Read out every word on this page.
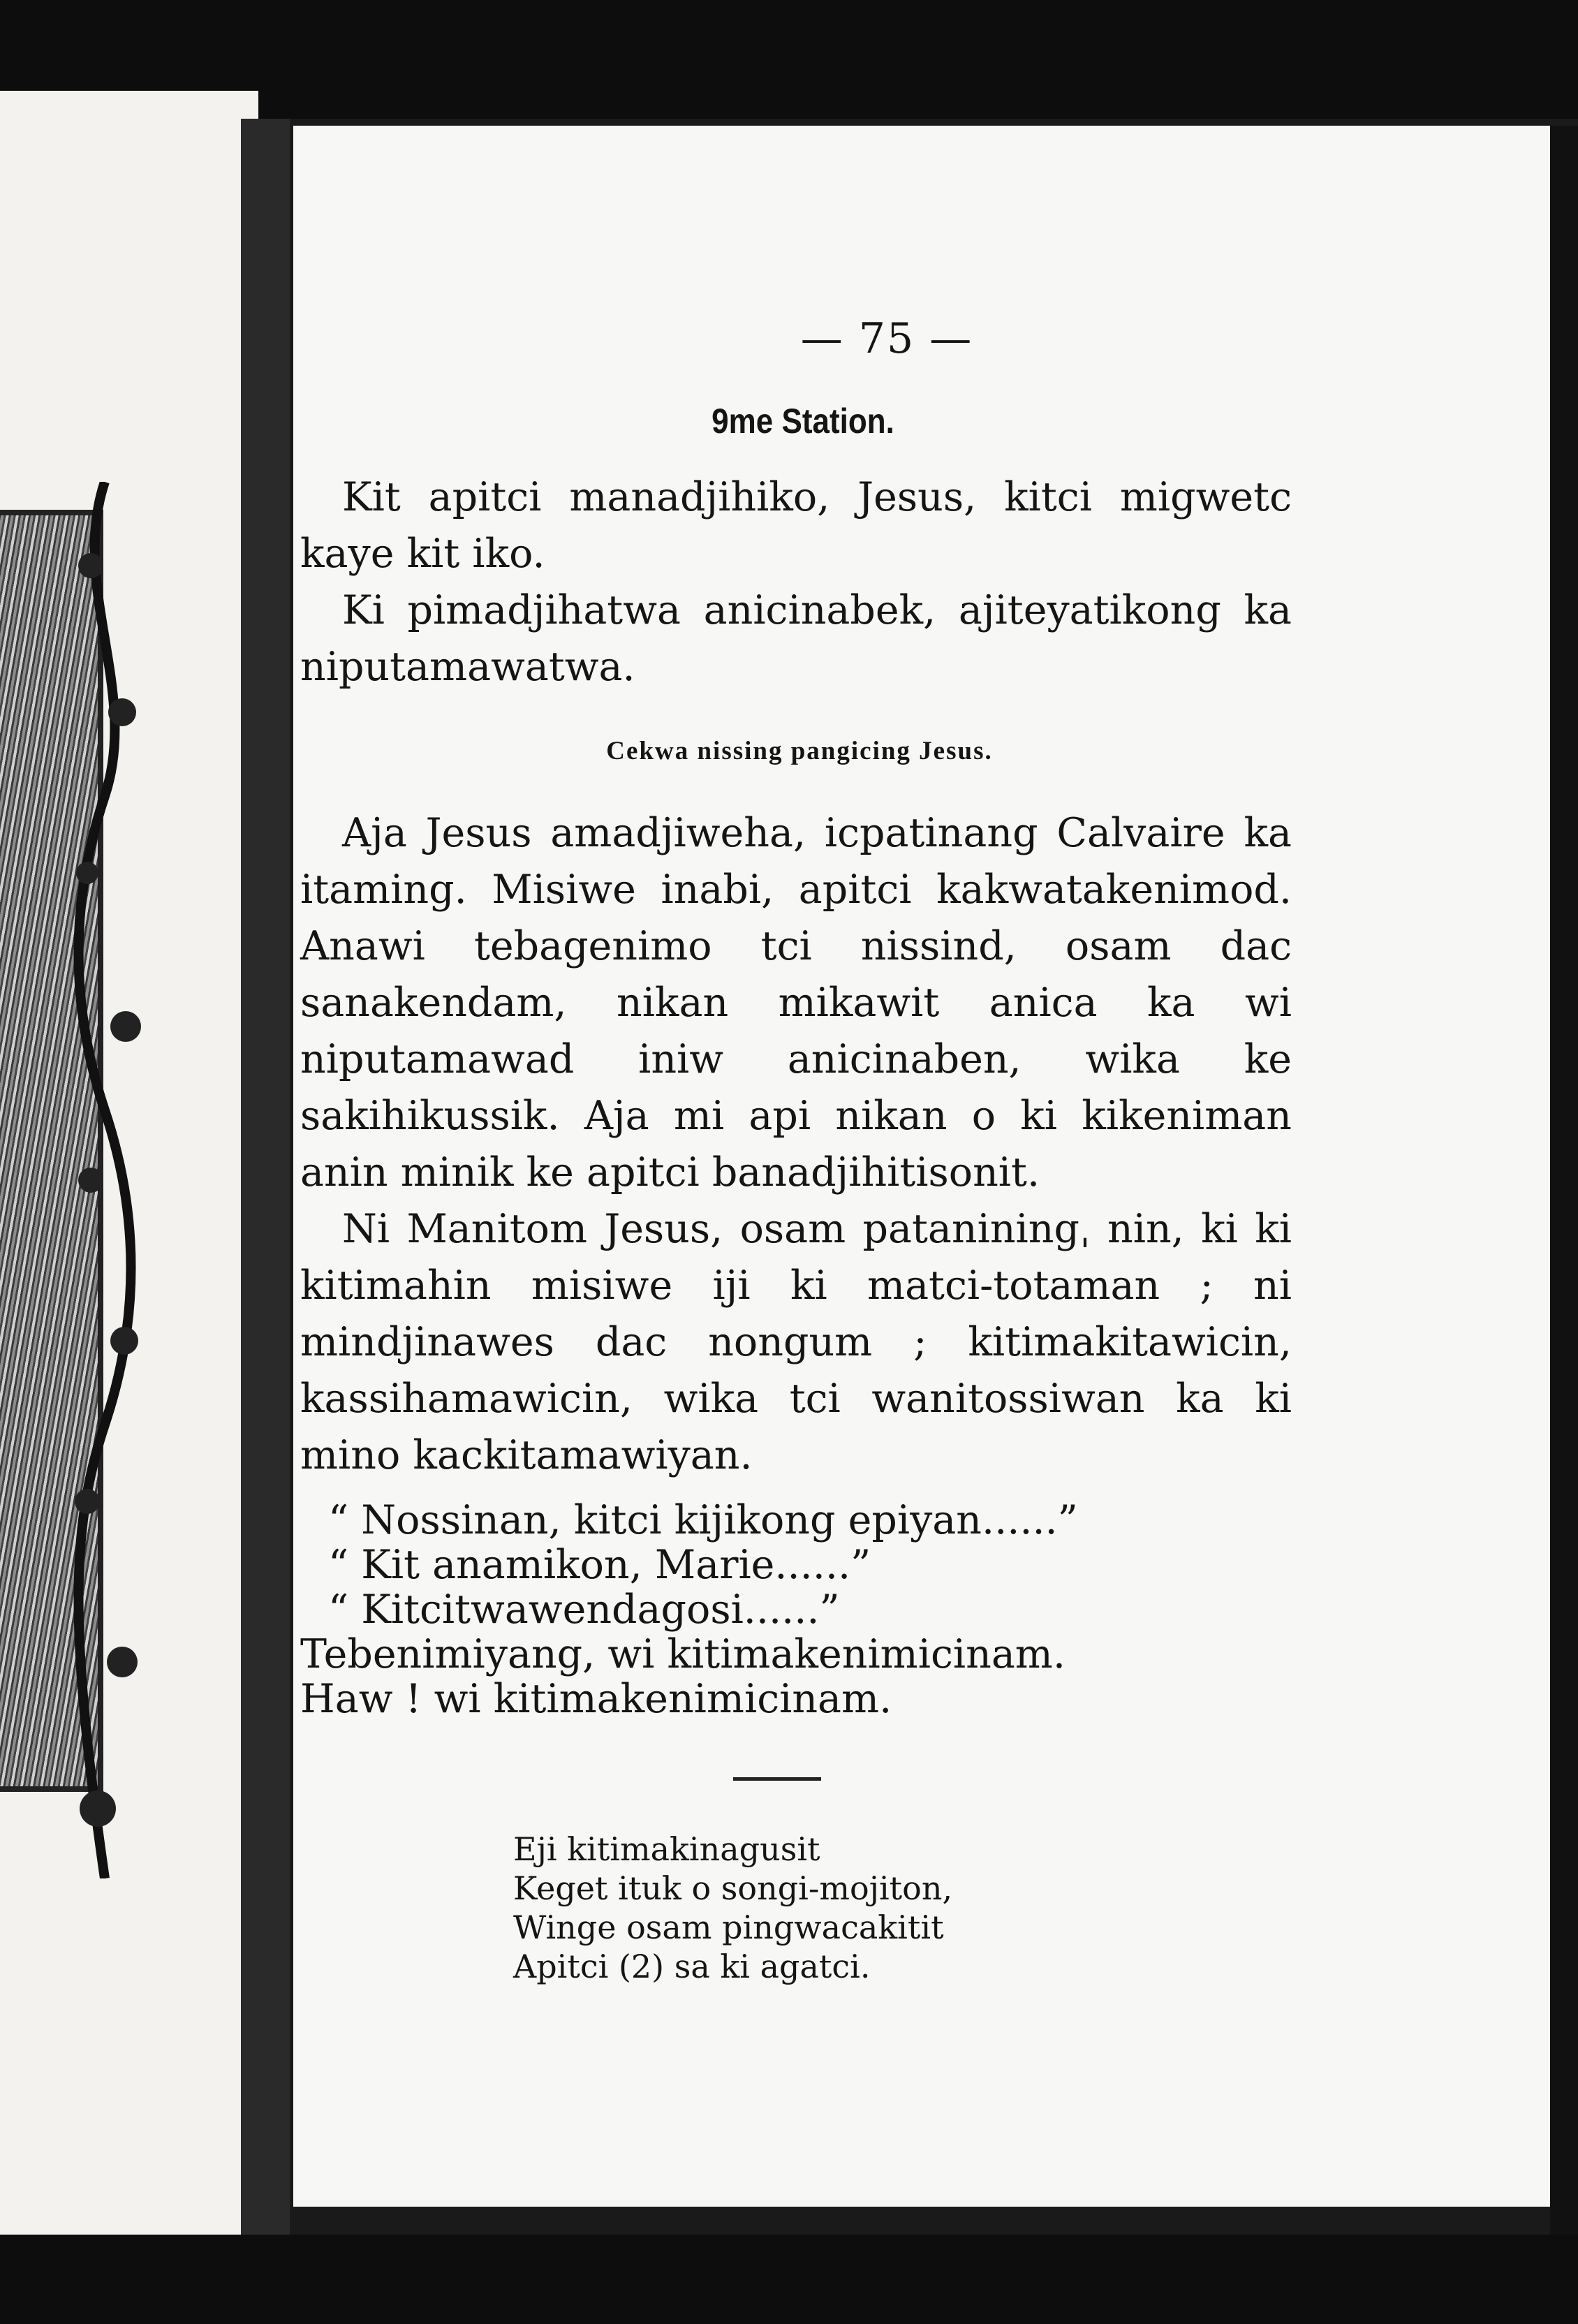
— 75 —
9me Station.

Kit apitci manadjihiko, Jesus, kitci migwetc kaye kit iko.

Ki pimadjihatwa anicinabek, ajiteyatikong ka niputamawatwa.

Cekwa nissing pangicing Jesus.

Aja Jesus amadjiweha, icpatinang Calvaire ka itaming. Misiwe inabi, apitci kakwatakenimod. Anawi tebagenimo tci nissind, osam dac sanakendam, nikan mikawit anica ka wi niputamawad iniw anicinaben, wika ke sakihikussik. Aja mi api nikan o ki kikeniman anin minik ke apitci banadjihitisonit.

Ni Manitom Jesus, osam pataniningˌ nin, ki ki kitimahin misiwe iji ki matci-totaman ; ni mindjinawes dac nongum ; kitimakitawicin, kassihamawicin, wika tci wanitossiwan ka ki mino kackitamawiyan.

“ Nossinan, kitci kijikong epiyan......”

“ Kit anamikon, Marie......”

“ Kitcitwawendagosi......”

Tebenimiyang, wi kitimakenimicinam.

Haw ! wi kitimakenimicinam.

Eji kitimakinagusit

Keget ituk o songi-mojiton,

Winge osam pingwacakitit

Apitci (2) sa ki agatci.
